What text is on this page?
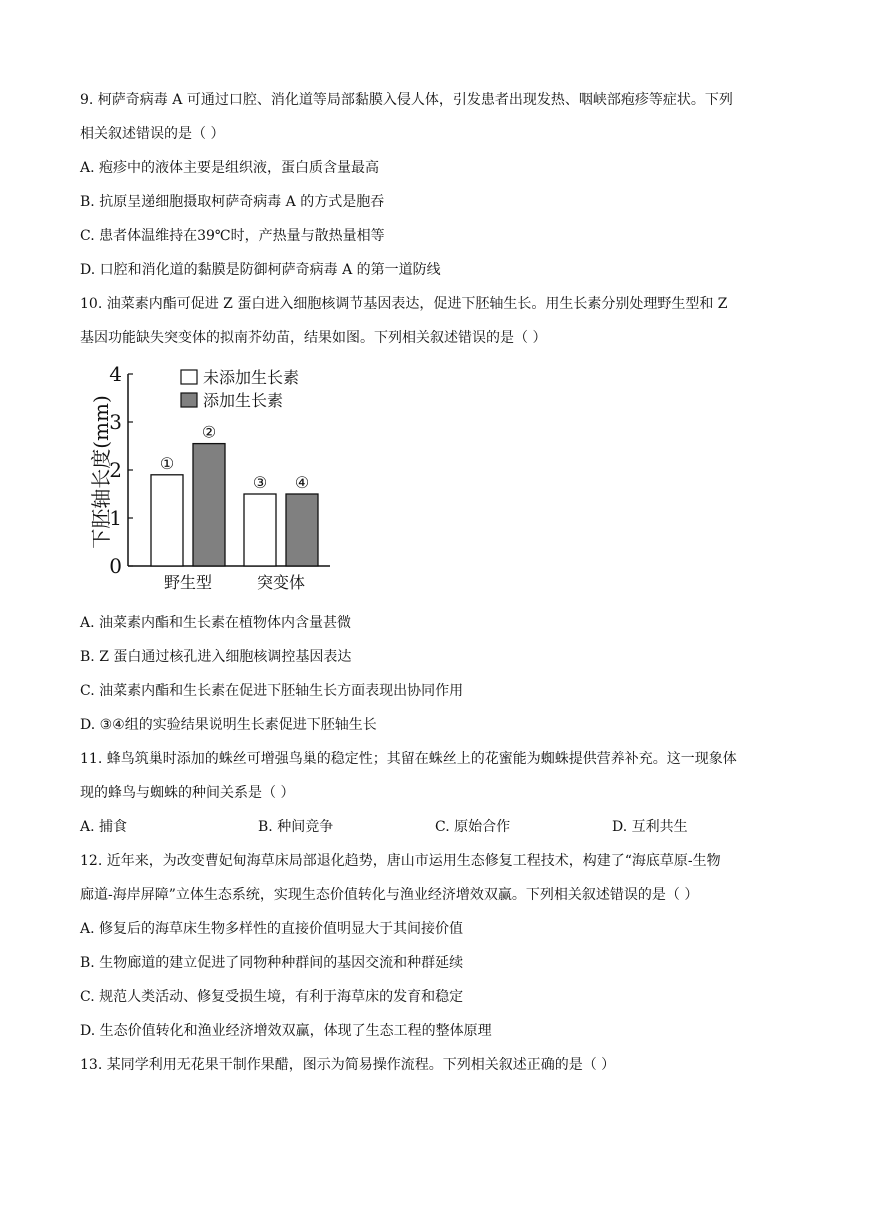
9. 柯萨奇病毒 A 可通过口腔、消化道等局部黏膜入侵人体，引发患者出现发热、咽峡部疱疹等症状。下列
相关叙述错误的是（ ）
A. 疱疹中的液体主要是组织液，蛋白质含量最高
B. 抗原呈递细胞摄取柯萨奇病毒 A 的方式是胞吞
C. 患者体温维持在39℃时，产热量与散热量相等
D. 口腔和消化道的黏膜是防御柯萨奇病毒 A 的第一道防线
10. 油菜素内酯可促进 Z 蛋白进入细胞核调节基因表达，促进下胚轴生长。用生长素分别处理野生型和 Z
基因功能缺失突变体的拟南芥幼苗，结果如图。下列相关叙述错误的是（ ）
下胚轴长度(mm)
0
1
2
3
4
①
②
野生型
③ ④
突变体
未添加生长素
添加生长素
A. 油菜素内酯和生长素在植物体内含量甚微
B. Z 蛋白通过核孔进入细胞核调控基因表达
C. 油菜素内酯和生长素在促进下胚轴生长方面表现出协同作用
D. ③④组的实验结果说明生长素促进下胚轴生长
11. 蜂鸟筑巢时添加的蛛丝可增强鸟巢的稳定性；其留在蛛丝上的花蜜能为蜘蛛提供营养补充。这一现象体
现的蜂鸟与蜘蛛的种间关系是（ ）
A. 捕食	B. 种间竞争	C. 原始合作	D. 互利共生
12. 近年来，为改变曹妃甸海草床局部退化趋势，唐山市运用生态修复工程技术，构建了“海底草原-生物
廊道-海岸屏障”立体生态系统，实现生态价值转化与渔业经济增效双赢。下列相关叙述错误的是（ ）
A. 修复后的海草床生物多样性的直接价值明显大于其间接价值
B. 生物廊道的建立促进了同物种种群间的基因交流和种群延续
C. 规范人类活动、修复受损生境，有利于海草床的发育和稳定
D. 生态价值转化和渔业经济增效双赢，体现了生态工程的整体原理
13. 某同学利用无花果干制作果醋，图示为简易操作流程。下列相关叙述正确的是（ ）
